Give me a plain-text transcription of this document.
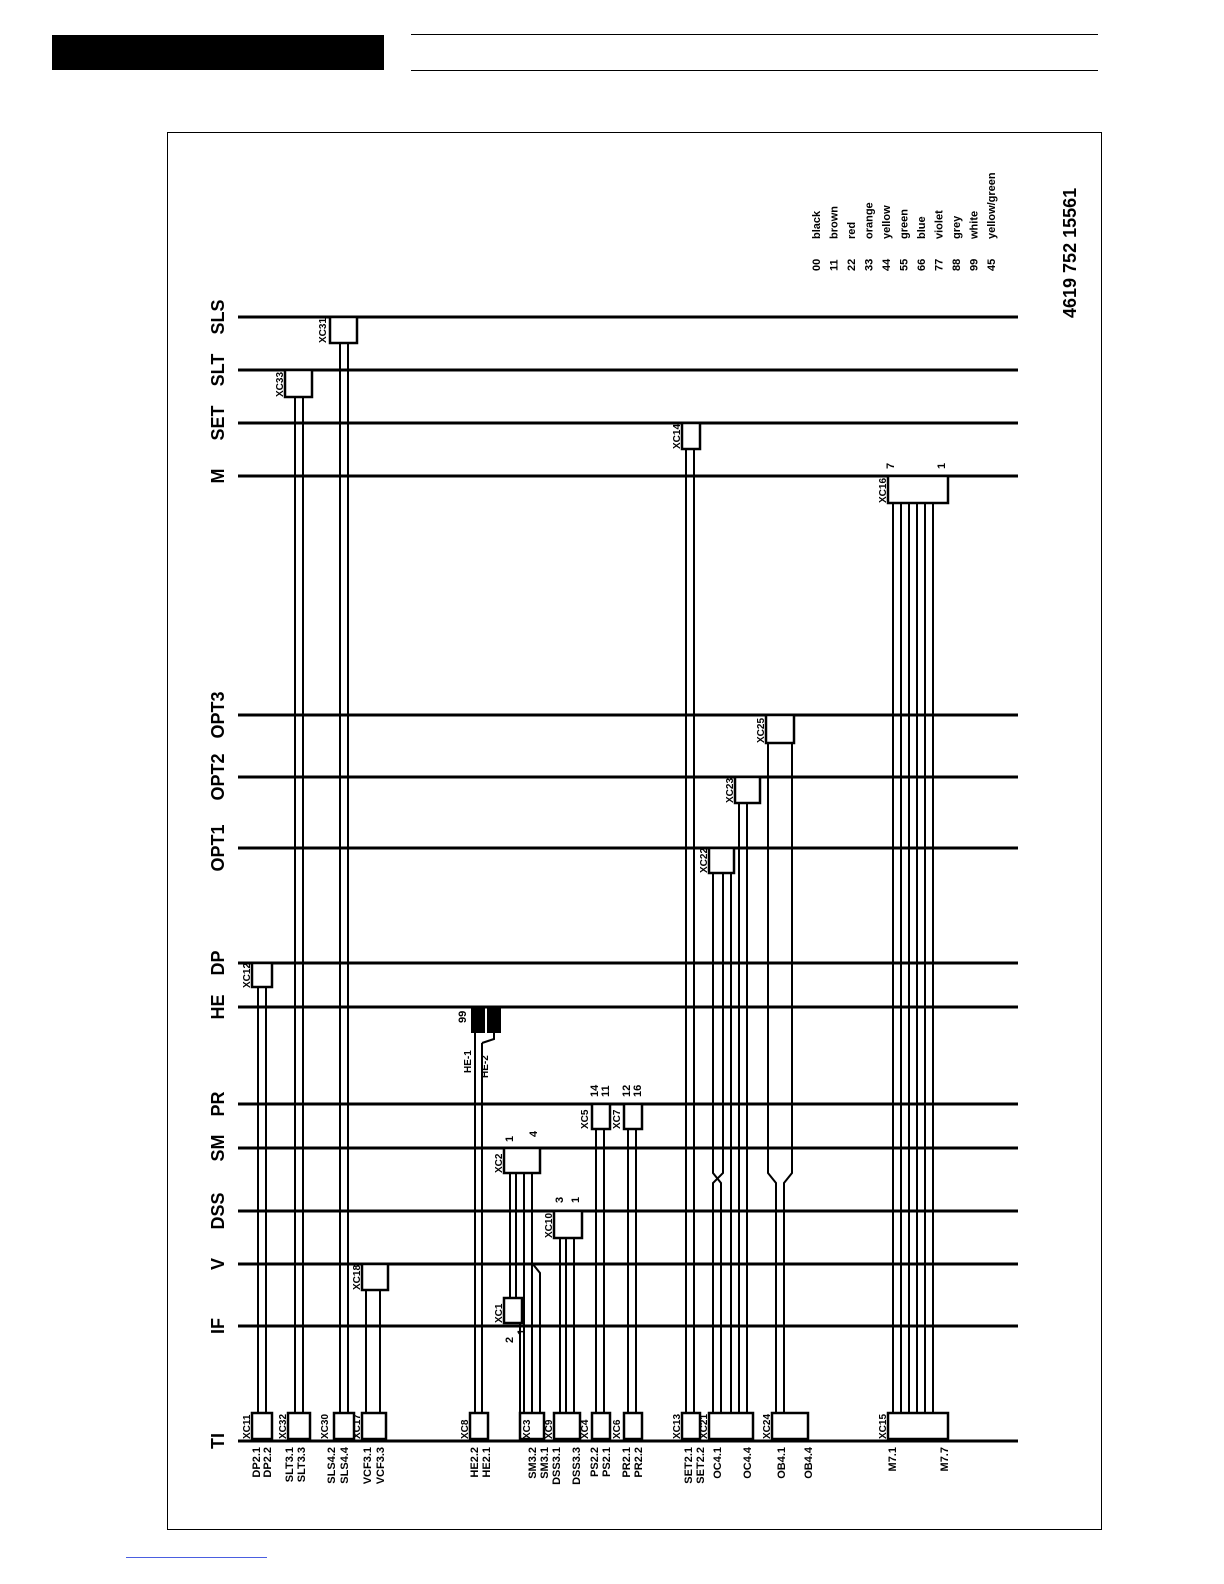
TI
IF
V
DSS
SM
PR
HE
DP
OPT1
OPT2
OPT3
M
SET
SLT
SLS
XC11
XC12
XC32
XC33
XC30
XC31
XC17
XC18
XC8	XC3
XC1
XC2
XC9
XC10
XC4
XC5
XC6
XC7
XC13
XC14
XC21
XC22
XC23
XC24
XC25
XC15
XC16
HE-1 HE-2
2
1
1
4
3 1
14 11 12 16
99
7	1
DP2.1 DP2.2 SLT3.1 SLT3.3 SLS4.2 SLS4.4 VCF3.1 VCF3.3	HE2.2 HE2.1	SM3.2 SM3.1 DSS3.1 DSS3.3 PS2.2 PS2.1 PR2.1 PR2.2	SET2.1 SET2.2 OC4.1 OC4.4 OB4.1 OB4.4	M7.1	M7.7
00
black
11
brown
22
red
33
orange
44
yellow
55
green
66
blue
77
violet
88
grey
99
white
45
yellow/green	4619 752 15561
